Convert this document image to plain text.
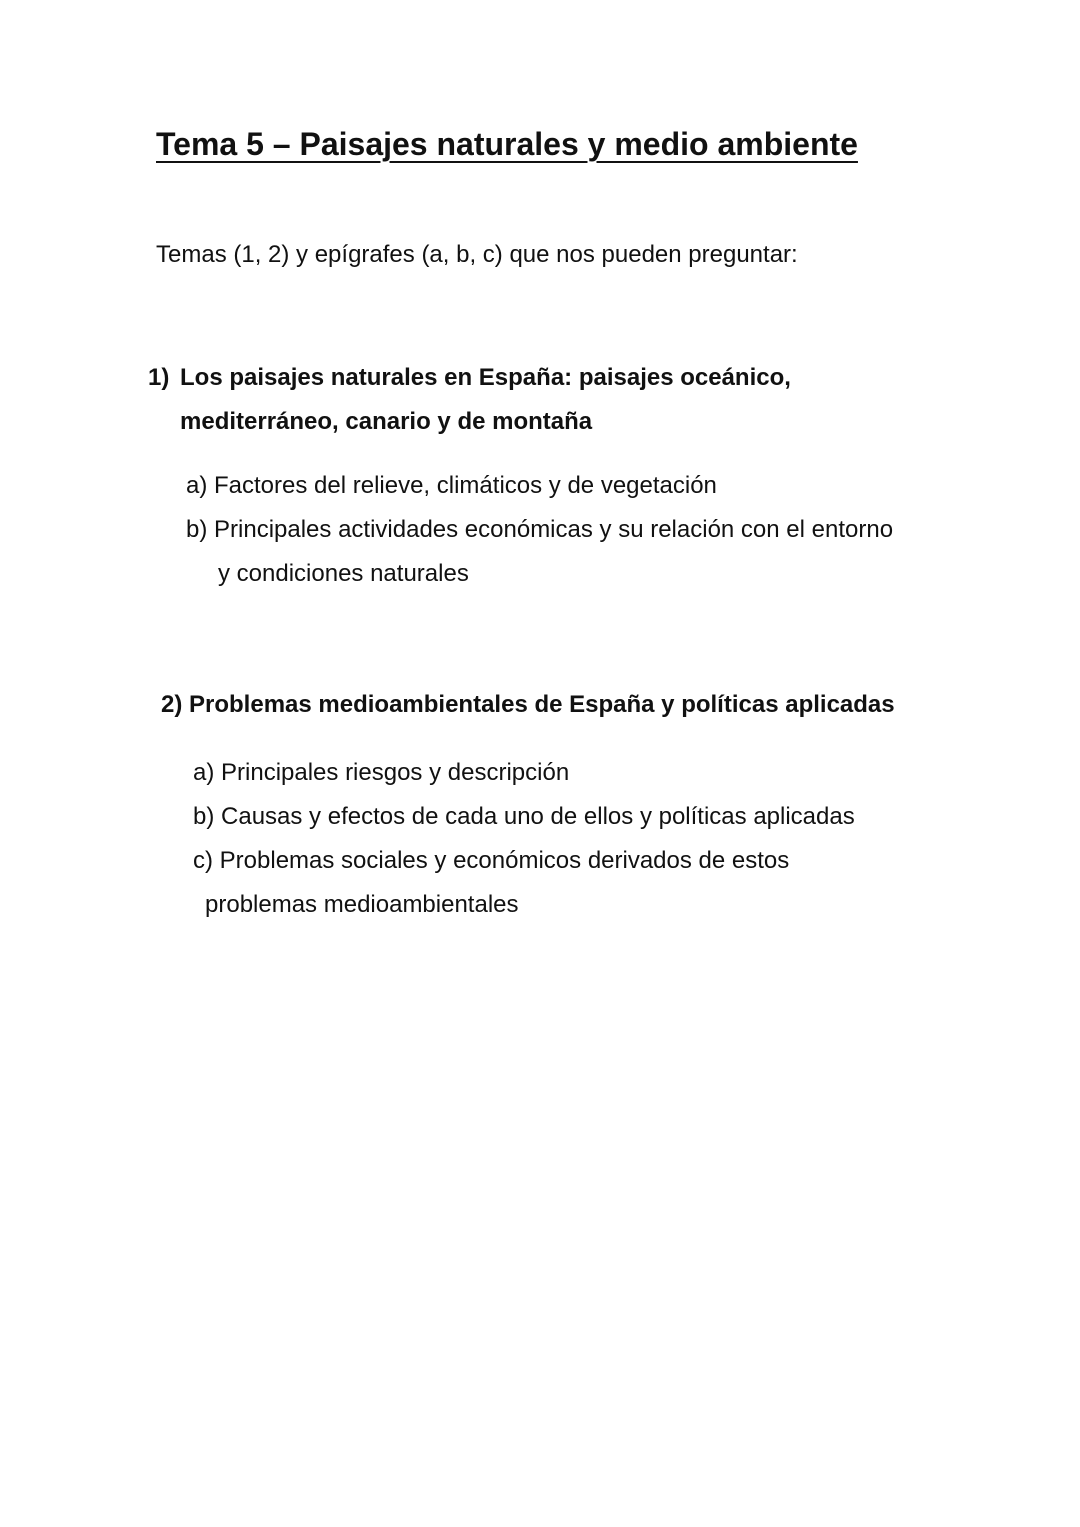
Tema 5 – Paisajes naturales y medio ambiente

Temas (1, 2) y epígrafes (a, b, c) que nos pueden preguntar:

1) Los paisajes naturales en España: paisajes oceánico,
mediterráneo, canario y de montaña

a) Factores del relieve, climáticos y de vegetación

b) Principales actividades económicas y su relación con el entorno
y condiciones naturales

2) Problemas medioambientales de España y políticas aplicadas

a) Principales riesgos y descripción

b) Causas y efectos de cada uno de ellos y políticas aplicadas

c) Problemas sociales y económicos derivados de estos
problemas medioambientales
